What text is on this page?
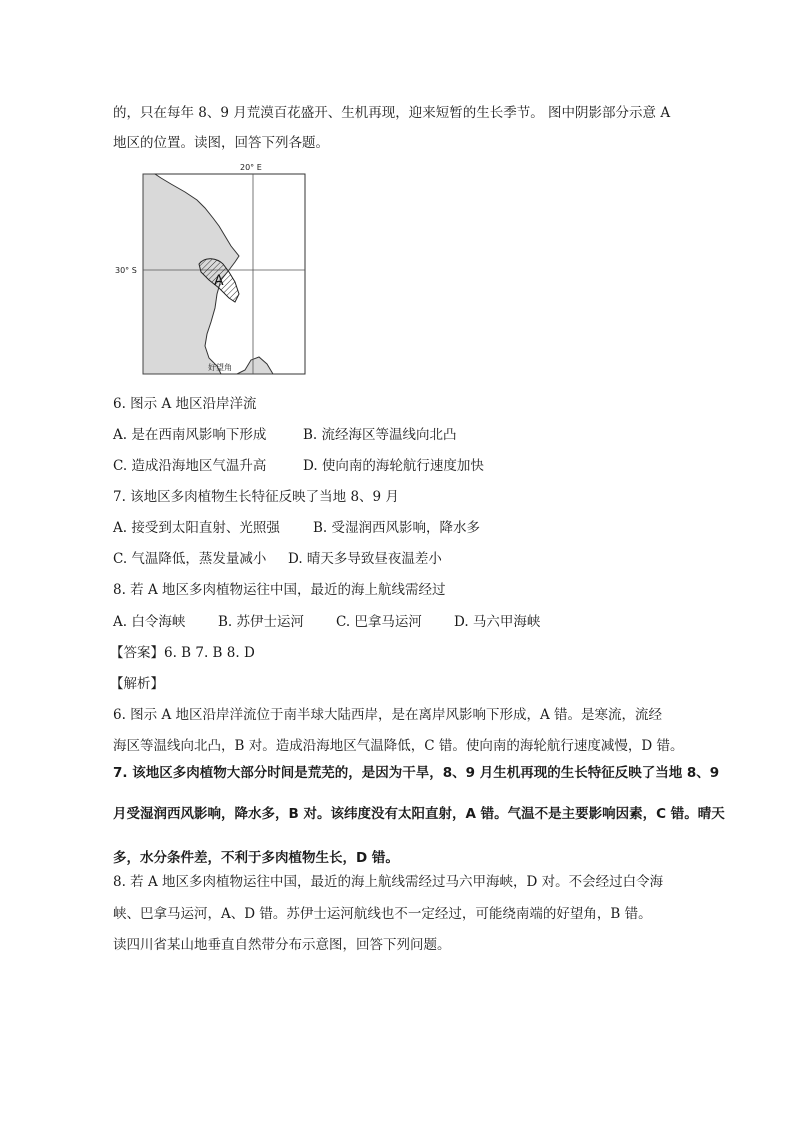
的，只在每年 8、9 月荒漠百花盛开、生机再现，迎来短暂的生长季节。 图中阴影部分示意 A
地区的位置。读图，回答下列各题。
A
20° E
30° S
好望角
6. 图示 A 地区沿岸洋流
A. 是在西南风影响下形成	B. 流经海区等温线向北凸
C. 造成沿海地区气温升高	D. 使向南的海轮航行速度加快
7. 该地区多肉植物生长特征反映了当地 8、9 月
A. 接受到太阳直射、光照强 B. 受湿润西风影响，降水多
C. 气温降低，蒸发量减小 D. 晴天多导致昼夜温差小
8. 若 A 地区多肉植物运往中国，最近的海上航线需经过
A. 白令海峡 B. 苏伊士运河 C. 巴拿马运河 D. 马六甲海峡
【答案】6. B 7. B 8. D
【解析】
6. 图示 A 地区沿岸洋流位于南半球大陆西岸，是在离岸风影响下形成，A 错。是寒流，流经
海区等温线向北凸，B 对。造成沿海地区气温降低，C 错。使向南的海轮航行速度减慢，D 错。
7. 该地区多肉植物大部分时间是荒芜的，是因为干旱，8、9 月生机再现的生长特征反映了当地 8、9
月受湿润西风影响，降水多，B 对。该纬度没有太阳直射，A 错。气温不是主要影响因素，C 错。晴天
多，水分条件差，不利于多肉植物生长，D 错。
8. 若 A 地区多肉植物运往中国，最近的海上航线需经过马六甲海峡，D 对。不会经过白令海
峡、巴拿马运河，A、D 错。苏伊士运河航线也不一定经过，可能绕南端的好望角，B 错。
读四川省某山地垂直自然带分布示意图，回答下列问题。
